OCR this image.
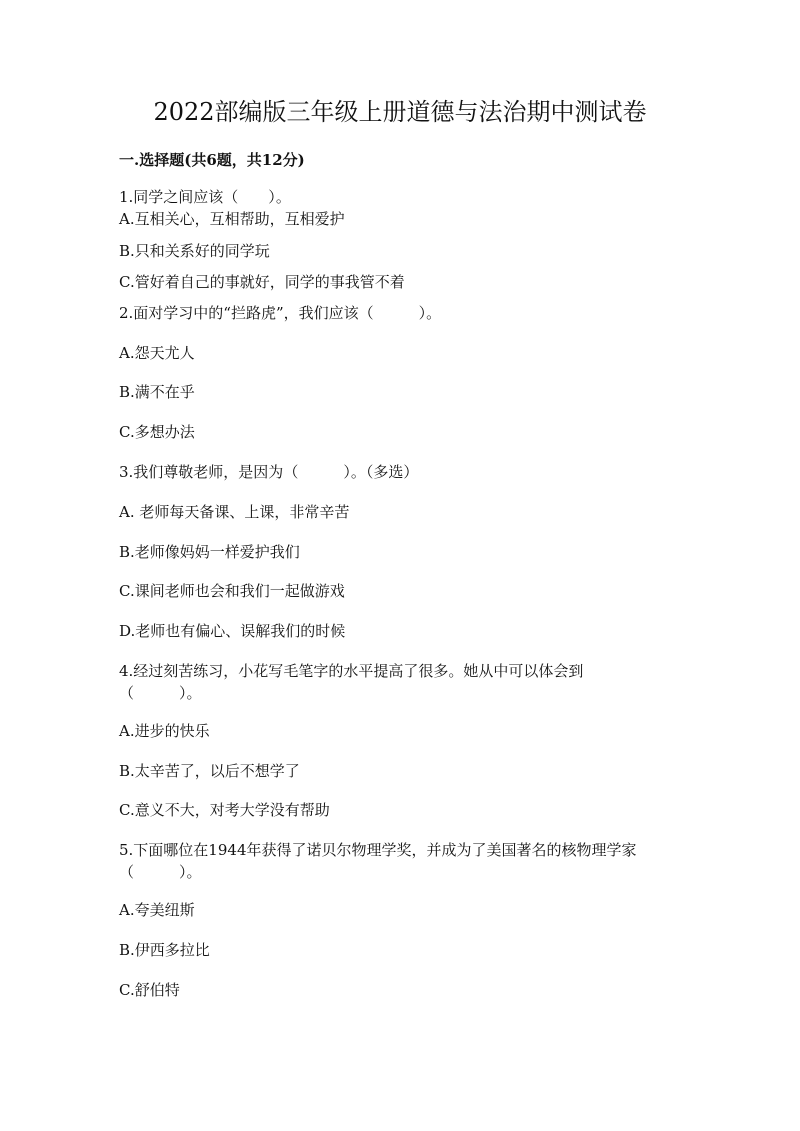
2022部编版三年级上册道德与法治期中测试卷
一.选择题(共6题，共12分)
1.同学之间应该（　　）。
A.互相关心，互相帮助，互相爱护
B.只和关系好的同学玩
C.管好着自己的事就好，同学的事我管不着
2.面对学习中的“拦路虎”，我们应该（　　　）。
A.怨天尤人
B.满不在乎
C.多想办法
3.我们尊敬老师，是因为（　　　）。（多选）
A. 老师每天备课、上课，非常辛苦
B.老师像妈妈一样爱护我们
C.课间老师也会和我们一起做游戏
D.老师也有偏心、误解我们的时候
4.经过刻苦练习，小花写毛笔字的水平提高了很多。她从中可以体会到
（　　　）。
A.进步的快乐
B.太辛苦了，以后不想学了
C.意义不大，对考大学没有帮助
5.下面哪位在1944年获得了诺贝尔物理学奖，并成为了美国著名的核物理学家
（　　　）。
A.夸美纽斯
B.伊西多拉比
C.舒伯特
